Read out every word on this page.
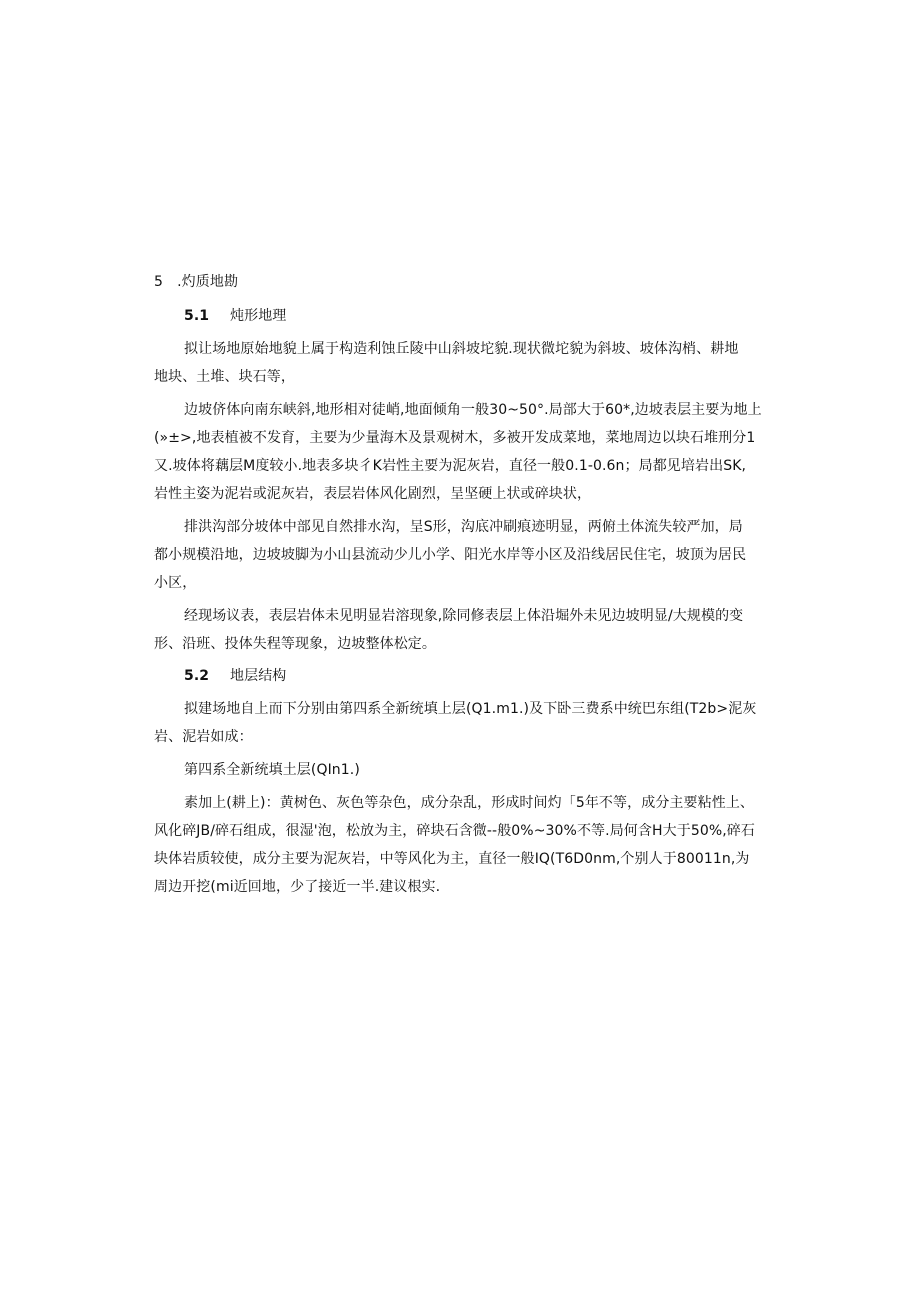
5　.灼质地勘
5.1 炖形地理
拟让场地原始地貌上属于构造利蚀丘陵中山斜坡坨貌.现状微坨貌为斜坡、坡体沟梢、耕地
地块、土堆、块石等，
边坡侪体向南东峡斜,地形相对徒峭,地面倾角一般30~50°.局部大于60*,边坡表层主要为地上
(»±>,地表植被不发育，主要为少量海木及景观树木，多被开发成菜地，菜地周边以块石堆刑分1
又.坡体将藕层M度较小.地表多块彳K岩性主要为泥灰岩，直径一般0.1-0.6n；局都见培岩出SK,
岩性主姿为泥岩或泥灰岩，表层岩体风化剧烈，呈坚硬上状或碎块状，
排洪沟部分坡体中部见自然排水沟，呈S形，沟底冲刷痕迹明显，两俯土体流失较严加，局
都小规模沿地，边坡坡脚为小山县流动少儿小学、阳光水岸等小区及沿线居民住宅，坡顶为居民
小区，
经现场议表，表层岩体未见明显岩溶现象,除同修表层上体沿堀外未见边坡明显/大规模的变
形、沿班、投体失程等现象，边坡整体松定。
5.2 地层结构
拟建场地自上而下分别由第四系全新统填上层(Q1.m1.)及下卧三费系中统巴东组(T2b>泥灰
岩、泥岩如成：
第四系全新统填土层(QIn1.)
素加上(耕上)：黄树色、灰色等杂色，成分杂乱，形成时间灼「5年不等，成分主要粘性上、
风化碎JB/碎石组成，很湿'泡，松放为主，碎块石含微--般0%~30%不等.局何含H大于50%,碎石
块体岩质较使，成分主要为泥灰岩，中等风化为主，直径一般IQ(T6D0nm,个别人于80011n,为
周边开挖(mi近回地，少了接近一半.建议根实.
